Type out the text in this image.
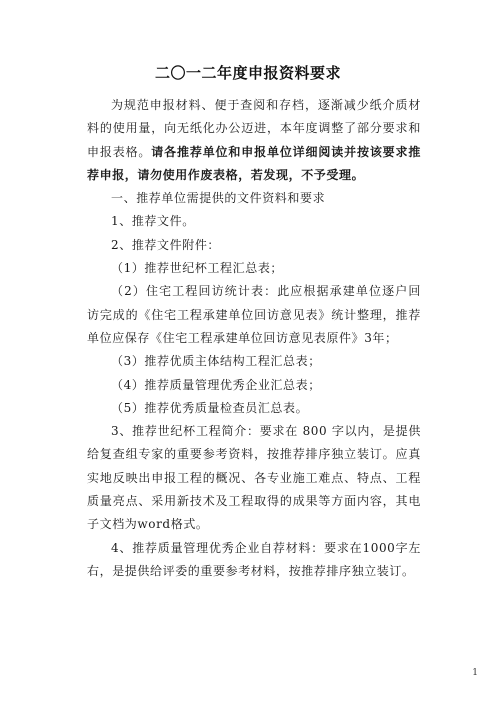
二〇一二年度申报资料要求

为规范申报材料、便于查阅和存档，逐渐减少纸介质材料的使用量，向无纸化办公迈进，本年度调整了部分要求和申报表格。请各推荐单位和申报单位详细阅读并按该要求推荐申报，请勿使用作废表格，若发现，不予受理。

一、推荐单位需提供的文件资料和要求

1、推荐文件。

2、推荐文件附件：

（1）推荐世纪杯工程汇总表；

（2）住宅工程回访统计表：此应根据承建单位逐户回访完成的《住宅工程承建单位回访意见表》统计整理，推荐单位应保存《住宅工程承建单位回访意见表原件》3年；

（3）推荐优质主体结构工程汇总表；

（4）推荐质量管理优秀企业汇总表；

（5）推荐优秀质量检查员汇总表。

3、推荐世纪杯工程简介：要求在 800 字以内，是提供给复查组专家的重要参考资料，按推荐排序独立装订。应真实地反映出申报工程的概况、各专业施工难点、特点、工程质量亮点、采用新技术及工程取得的成果等方面内容，其电子文档为word格式。

4、推荐质量管理优秀企业自荐材料：要求在1000字左右，是提供给评委的重要参考材料，按推荐排序独立装订。

1
